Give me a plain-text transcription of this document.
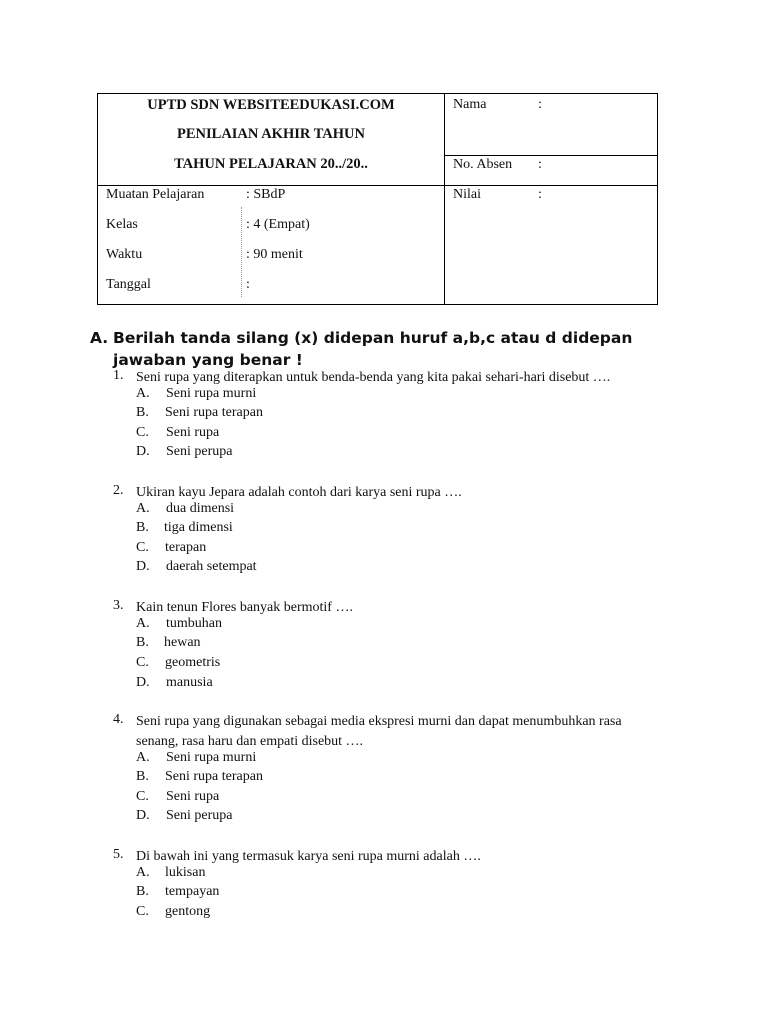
UPTD SDN WEBSITEEDUKASI.COM
PENILAIAN AKHIR TAHUN
TAHUN PELAJARAN 20../20..
Nama	:
No. Absen :
Nilai	:
Muatan Pelajaran	: SBdP
Kelas	: 4 (Empat)
Waktu	: 90 menit
Tanggal	:
A. Berilah tanda silang (x) didepan huruf a,b,c atau d didepan jawaban yang benar !
1. Seni rupa yang diterapkan untuk benda-benda yang kita pakai sehari-hari disebut ….
A. Seni rupa murni
B. Seni rupa terapan
C. Seni rupa
D. Seni perupa
2. Ukiran kayu Jepara adalah contoh dari karya seni rupa ….
A. dua dimensi
B. tiga dimensi
C. terapan
D. daerah setempat
3. Kain tenun Flores banyak bermotif ….
A. tumbuhan
B. hewan
C. geometris
D. manusia
4. Seni rupa yang digunakan sebagai media ekspresi murni dan dapat menumbuhkan rasa senang, rasa haru dan empati disebut ….
A. Seni rupa murni
B. Seni rupa terapan
C. Seni rupa
D. Seni perupa
5. Di bawah ini yang termasuk karya seni rupa murni adalah ….
A. lukisan
B. tempayan
C. gentong
